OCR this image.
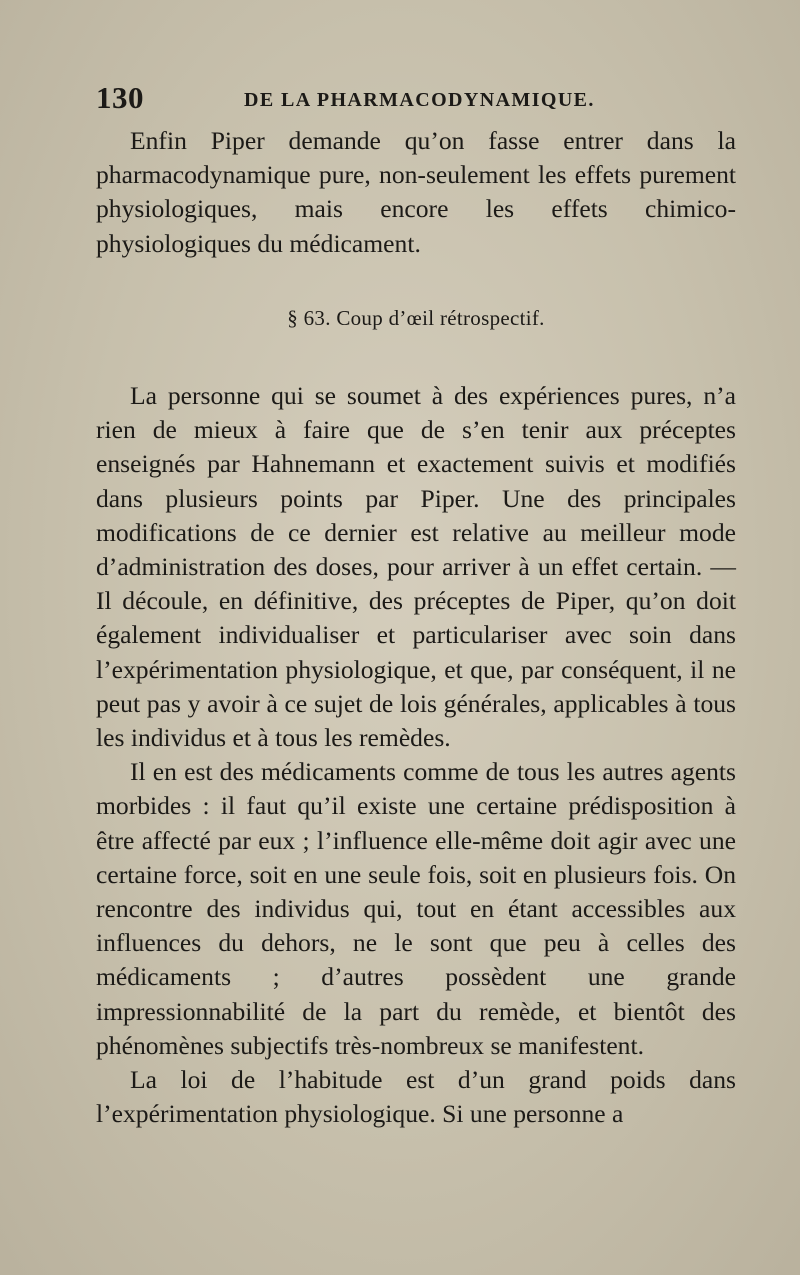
130	DE LA PHARMACODYNAMIQUE.

Enfin Piper demande qu’on fasse entrer dans la pharmacodynamique pure, non-seulement les effets purement physiologiques, mais encore les effets chimico-physiologiques du médicament.

§ 63. Coup d’œil rétrospectif.

La personne qui se soumet à des expériences pures, n’a rien de mieux à faire que de s’en tenir aux préceptes enseignés par Hahnemann et exactement suivis et modifiés dans plusieurs points par Piper. Une des principales modifications de ce dernier est relative au meilleur mode d’administration des doses, pour arriver à un effet certain. — Il découle, en définitive, des préceptes de Piper, qu’on doit également individualiser et particulariser avec soin dans l’expérimentation physiologique, et que, par conséquent, il ne peut pas y avoir à ce sujet de lois générales, applicables à tous les individus et à tous les remèdes.

Il en est des médicaments comme de tous les autres agents morbides : il faut qu’il existe une certaine prédisposition à être affecté par eux ; l’influence elle-même doit agir avec une certaine force, soit en une seule fois, soit en plusieurs fois. On rencontre des individus qui, tout en étant accessibles aux influences du dehors, ne le sont que peu à celles des médicaments ; d’autres possèdent une grande impressionnabilité de la part du remède, et bientôt des phénomènes subjectifs très-nombreux se manifestent.

La loi de l’habitude est d’un grand poids dans l’expérimentation physiologique. Si une personne a
